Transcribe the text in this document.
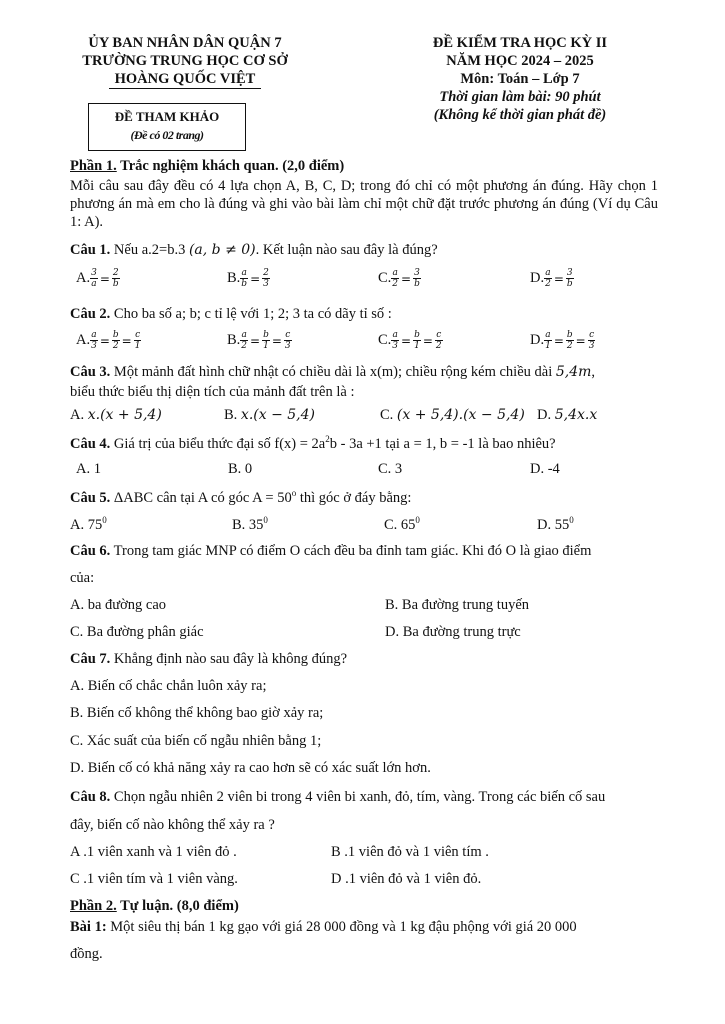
ỦY BAN NHÂN DÂN QUẬN 7
TRƯỜNG TRUNG HỌC CƠ SỞ
HOÀNG QUỐC VIỆT
ĐỀ KIỂM TRA HỌC KỲ II
NĂM HỌC 2024 – 2025
Môn: Toán – Lớp 7
Thời gian làm bài: 90 phút
(Không kể thời gian phát đề)
ĐỀ THAM KHẢO
(Đề có 02 trang)
Phần 1. Trắc nghiệm khách quan. (2,0 điểm)
Mỗi câu sau đây đều có 4 lựa chọn A, B, C, D; trong đó chỉ có một phương án đúng. Hãy chọn 1 phương án mà em cho là đúng và ghi vào bài làm chỉ một chữ đặt trước phương án đúng (Ví dụ Câu 1: A).
Câu 1. Nếu a.2=b.3 (a, b ≠ 0). Kết luận nào sau đây là đúng?
A. $\frac{3}{a} = \frac{2}{b}$	B. $\frac{a}{b} = \frac{2}{3}$	C. $\frac{a}{2} = \frac{3}{b}$	D. $\frac{a}{2} = \frac{3}{b}$
Câu 2. Cho ba số a; b; c tỉ lệ với 1; 2; 3 ta có dãy tỉ số :
A. $\frac{a}{3} = \frac{b}{2} = \frac{c}{1}$	B. $\frac{a}{2} = \frac{b}{1} = \frac{c}{3}$	C. $\frac{a}{3} = \frac{b}{1} = \frac{c}{2}$	D. $\frac{a}{1} = \frac{b}{2} = \frac{c}{3}$
Câu 3. Một mảnh đất hình chữ nhật có chiều dài là x(m); chiều rộng kém chiều dài 5,4m,
biểu thức biểu thị diện tích của mảnh đất trên là :
A. x.(x + 5,4)	B. x.(x − 5,4)	C. (x + 5,4).(x − 5,4) D. 5,4x.x
Câu 4. Giá trị của biểu thức đại số $f(x) = 2a^2b - 3a +1$ tại a = 1, b = -1 là bao nhiêu?
A. 1	B. 0	C. 3	D. -4
Câu 5. ΔABC cân tại A có góc $A = 50^o$ thì góc ở đáy bằng:
A. $75^0$	B. $35^0$	C. $65^0$	D. $55^0$
Câu 6. Trong tam giác MNP có điểm O cách đều ba đỉnh tam giác. Khi đó O là giao điểm
của:
A. ba đường cao	B. Ba đường trung tuyến
C. Ba đường phân giác	D. Ba đường trung trực
Câu 7. Khẳng định nào sau đây là không đúng?
A. Biến cố chắc chắn luôn xảy ra;
B. Biến cố không thể không bao giờ xảy ra;
C. Xác suất của biến cố ngẫu nhiên bằng 1;
D. Biến cố có khả năng xảy ra cao hơn sẽ có xác suất lớn hơn.
Câu 8. Chọn ngẫu nhiên 2 viên bi trong 4 viên bi xanh, đỏ, tím, vàng. Trong các biến cố sau
đây, biến cố nào không thể xảy ra ?
A .1 viên xanh và 1 viên đỏ .	B .1 viên đỏ và 1 viên tím .
C .1 viên tím và 1 viên vàng.	D .1 viên đỏ và 1 viên đỏ.
Phần 2. Tự luận. (8,0 điểm)
Bài 1: Một siêu thị bán 1 kg gạo với giá 28 000 đồng và 1 kg đậu phộng với giá 20 000
đồng.
